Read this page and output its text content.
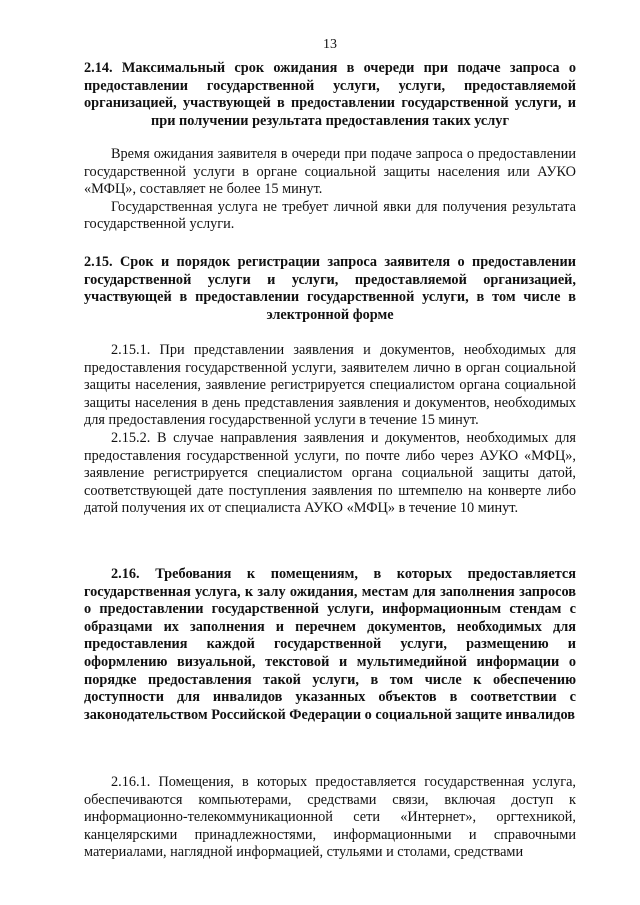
13

2.14. Максимальный срок ожидания в очереди при подаче запроса о предоставлении государственной услуги, услуги, предоставляемой организацией, участвующей в предоставлении государственной услуги, и при получении результата предоставления таких услуг

Время ожидания заявителя в очереди при подаче запроса о предоставлении государственной услуги в органе социальной защиты населения или АУКО «МФЦ», составляет не более 15 минут.

Государственная услуга не требует личной явки для получения результата государственной услуги.

2.15. Срок и порядок регистрации запроса заявителя о предоставлении государственной услуги и услуги, предоставляемой организацией, участвующей в предоставлении государственной услуги, в том числе в электронной форме

2.15.1. При представлении заявления и документов, необходимых для предоставления государственной услуги, заявителем лично в орган социальной защиты населения, заявление регистрируется специалистом органа социальной защиты населения в день представления заявления и документов, необходимых для предоставления государственной услуги в течение 15 минут.

2.15.2. В случае направления заявления и документов, необходимых для предоставления государственной услуги, по почте либо через АУКО «МФЦ», заявление регистрируется специалистом органа социальной защиты датой, соответствующей дате поступления заявления по штемпелю на конверте либо датой получения их от специалиста АУКО «МФЦ» в течение 10 минут.

2.16. Требования к помещениям, в которых предоставляется государственная услуга, к залу ожидания, местам для заполнения запросов о предоставлении государственной услуги, информационным стендам с образцами их заполнения и перечнем документов, необходимых для предоставления каждой государственной услуги, размещению и оформлению визуальной, текстовой и мультимедийной информации о порядке предоставления такой услуги, в том числе к обеспечению доступности для инвалидов указанных объектов в соответствии с законодательством Российской Федерации о социальной защите инвалидов

2.16.1. Помещения, в которых предоставляется государственная услуга, обеспечиваются компьютерами, средствами связи, включая доступ к информационно-телекоммуникационной сети «Интернет», оргтехникой, канцелярскими принадлежностями, информационными и справочными материалами, наглядной информацией, стульями и столами, средствами
